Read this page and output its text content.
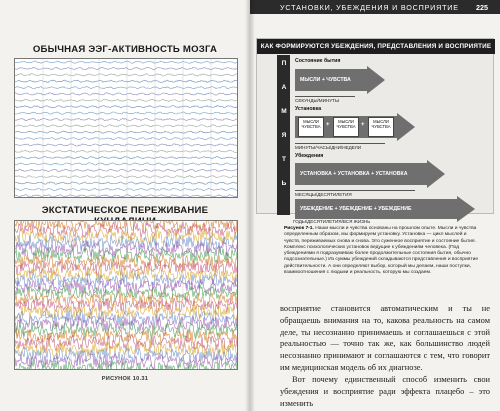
ОБЫЧНАЯ ЭЭГ-АКТИВНОСТЬ МОЗГА
ЭКСТАТИЧЕСКОЕ ПЕРЕЖИВАНИЕ
РИСУНОК 10.31
УСТАНОВКИ, УБЕЖДЕНИЯ И ВОСПРИЯТИЕ 225
КАК ФОРМИРУЮТСЯ УБЕЖДЕНИЯ, ПРЕДСТАВЛЕНИЯ И ВОСПРИЯТИЕ
П
А
М
Я
Т
Ь
Состояние бытия
МЫСЛИ + ЧУВСТВА
СЕКУНДЫ/МИНУТЫ
Установка
МЫСЛИ ЧУВСТВА +
МЫСЛИ ЧУВСТВА +
МЫСЛИ ЧУВСТВА
МИНУТЫ/ЧАСЫ/ДНИ/НЕДЕЛИ
Убеждения
УСТАНОВКА + УСТАНОВКА + УСТАНОВКА
МЕСЯЦЫ/ДЕСЯТИЛЕТИЯ
Рисунок 7-1. Наши мысли и чувства основаны на прошлом опыте. Мысли и чувства определенным образом, мы формируем установку. Установка — цикл мыслей и чувств, переживаемых снова и снова. Это суженное восприятие и состояние бытия. Комплекс психологических установок ведущие к убеждениям человека. (Под убеждениями я подразумеваю более продолжительные состояния бытия, обычно подсознательные.) Из суммы убеждений складываются представления и восприятие действительности. А они определяют выбор, который мы делаем, наши поступки, взаимоотношения с людьми и реальность, которую мы создаем.
восприятие становится автоматическим и ты не обращаешь внимания на то, какова реальность на самом деле, ты несознанно принимаешь и соглашаешься с этой реальностью — точно так же, как большинство людей несознанно принимают и соглашаются с тем, что говорит им медицинская модель об их диагнозе.
Вот почему единственный способ изменить свои убеждения и восприятие ради эффекта плацебо – это изменить
УБЕЖДЕНИЕ + УБЕЖДЕНИЕ + УБЕЖДЕНИЕ
ГОДЫ/ДЕСЯТИЛЕТИЯ/ВСЯ ЖИЗНЬ
